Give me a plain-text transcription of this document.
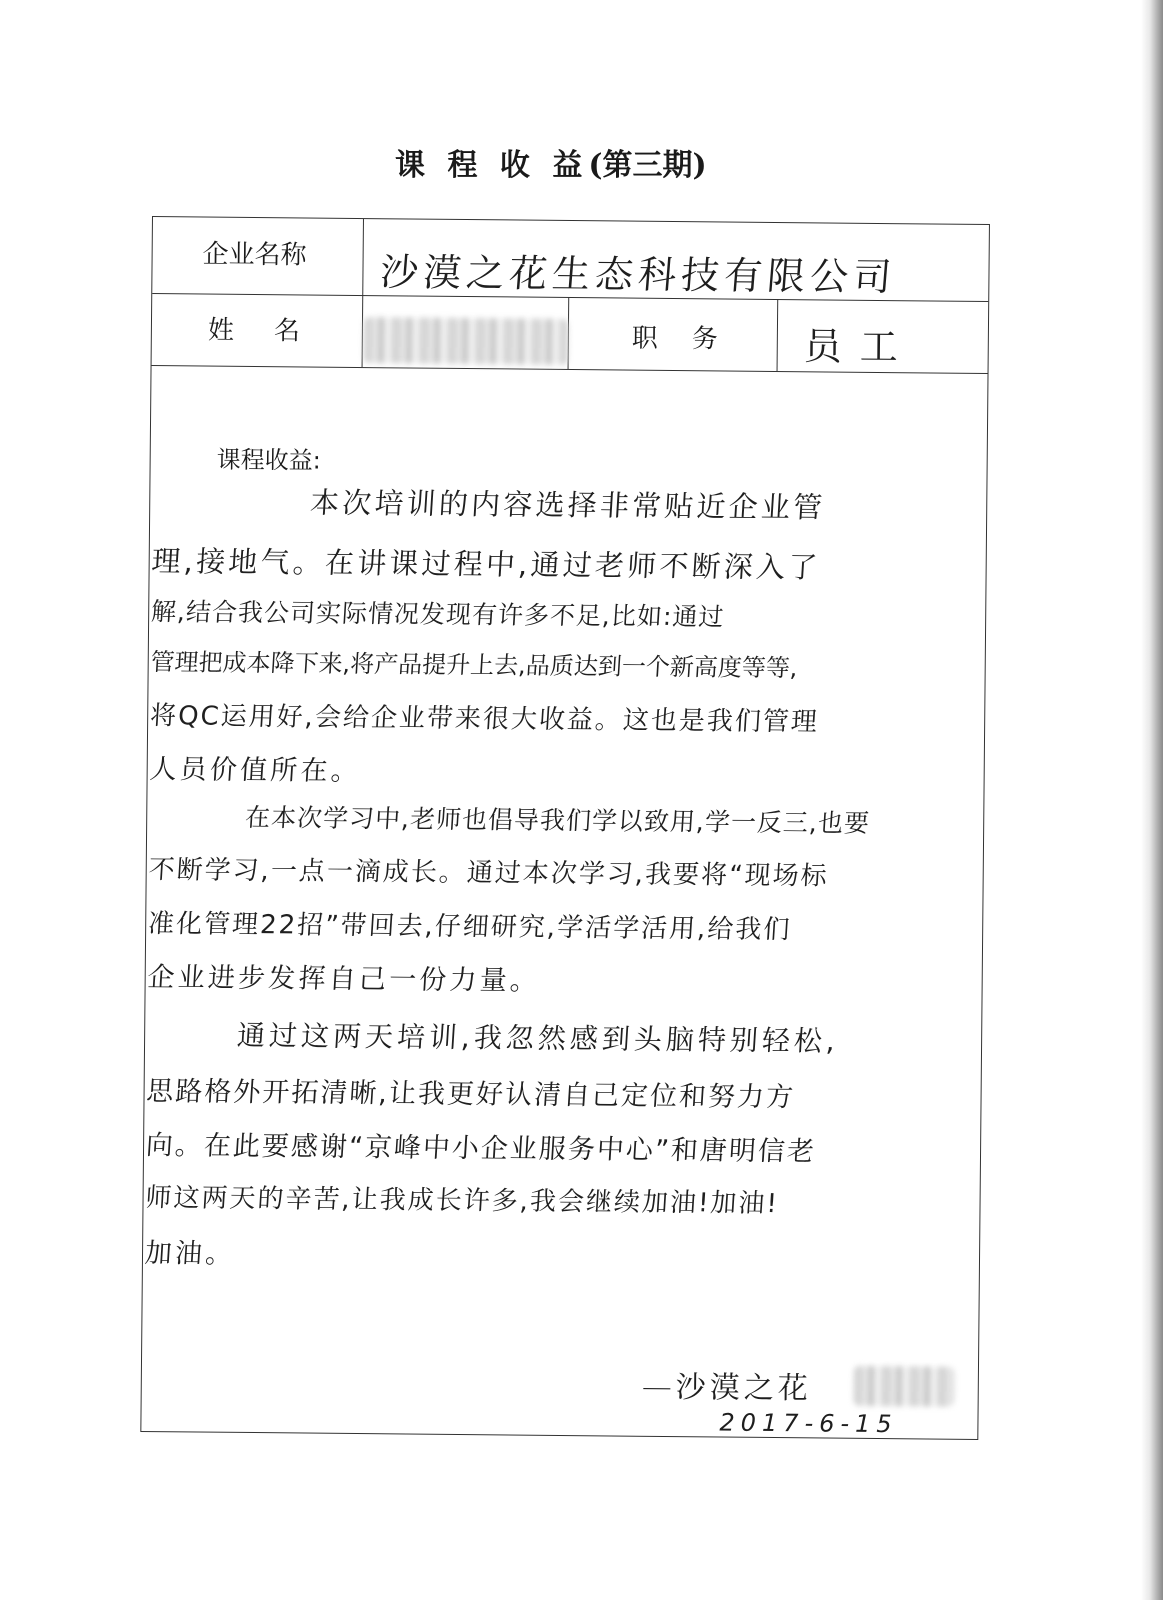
课 程 收 益(第三期)
企业名称 沙漠之花生态科技有限公司
姓名	职务 员工
课程收益:
本次培训的内容选择非常贴近企业管
理,接地气。在讲课过程中,通过老师不断深入了
解,结合我公司实际情况发现有许多不足,比如:通过
管理把成本降下来,将产品提升上去,品质达到一个新高度等等,
将QC运用好,会给企业带来很大收益。这也是我们管理
人员价值所在。
在本次学习中,老师也倡导我们学以致用,学一反三,也要
不断学习,一点一滴成长。通过本次学习,我要将“现场标
准化管理22招”带回去,仔细研究,学活学活用,给我们
企业进步发挥自己一份力量。
通过这两天培训,我忽然感到头脑特别轻松,
思路格外开拓清晰,让我更好认清自己定位和努力方
向。在此要感谢“京峰中小企业服务中心”和唐明信老
师这两天的辛苦,让我成长许多,我会继续加油!加油!
加油。
—沙漠之花
2017-6-15
